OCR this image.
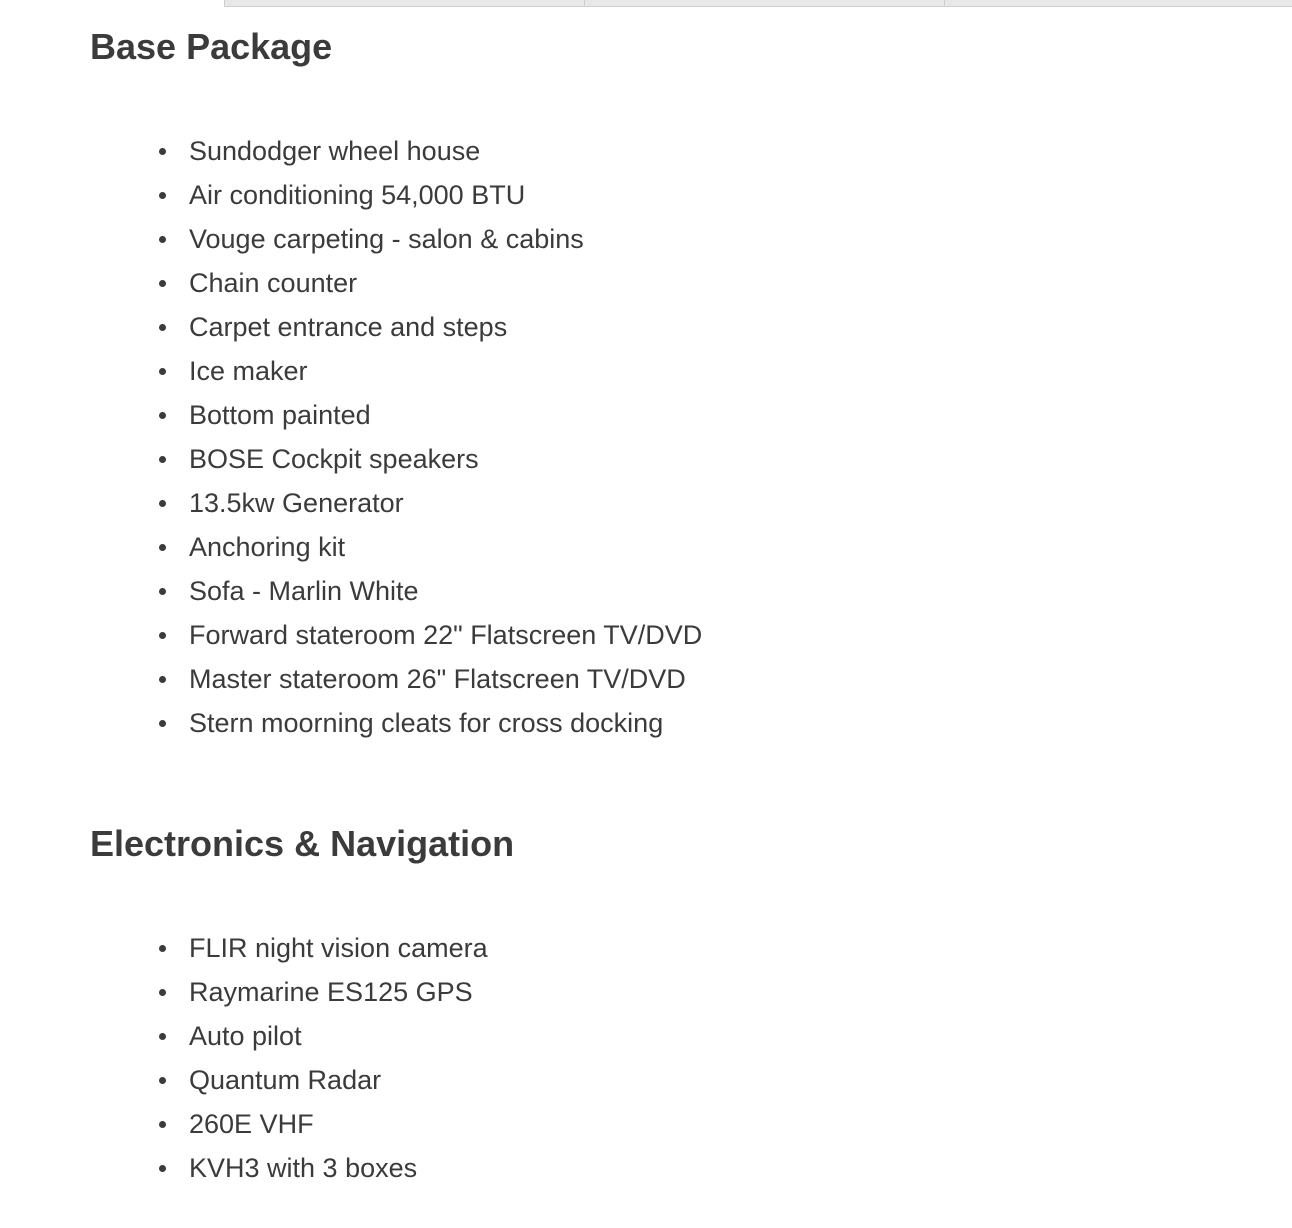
Base Package
Sundodger wheel house
Air conditioning 54,000 BTU
Vouge carpeting - salon & cabins
Chain counter
Carpet entrance and steps
Ice maker
Bottom painted
BOSE Cockpit speakers
13.5kw Generator
Anchoring kit
Sofa - Marlin White
Forward stateroom 22" Flatscreen TV/DVD
Master stateroom 26" Flatscreen TV/DVD
Stern moorning cleats for cross docking
Electronics & Navigation
FLIR night vision camera
Raymarine ES125 GPS
Auto pilot
Quantum Radar
260E VHF
KVH3 with 3 boxes
